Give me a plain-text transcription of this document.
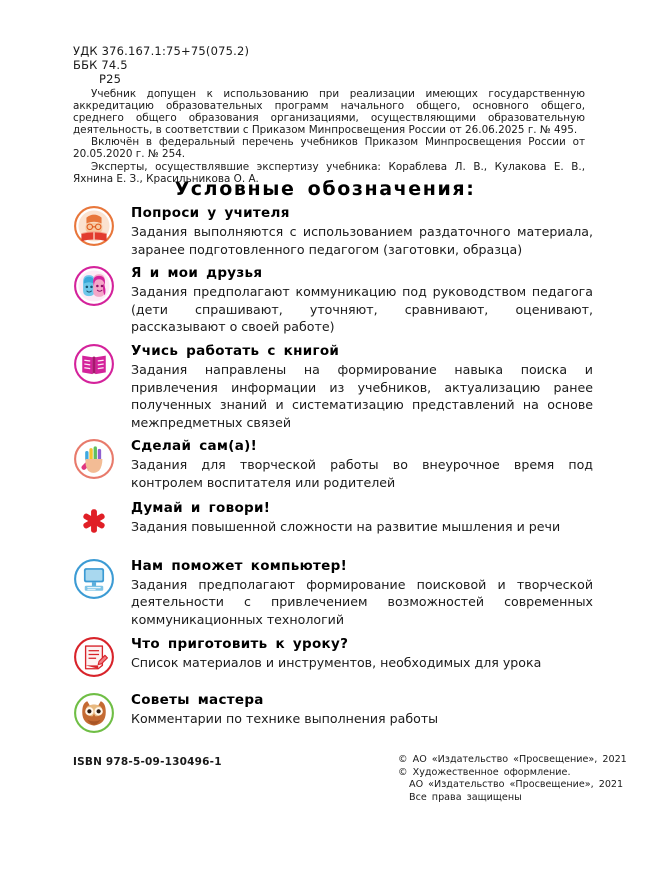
УДК 376.167.1:75+75(075.2)
ББК 74.5
Р25

Учебник допущен к использованию при реализации имеющих государственную аккредитацию образовательных программ начального общего, основного общего, среднего общего образования организациями, осуществляющими образовательную деятельность, в соответствии с Приказом Минпросвещения России от 26.06.2025 г. № 495.

Включён в федеральный перечень учебников Приказом Минпросвещения России от 20.05.2020 г. № 254.

Эксперты, осуществлявшие экспертизу учебника: Кораблева Л. В., Кулакова Е. В., Яхнина Е. З., Красильникова О. А.

Условные обозначения:
Попроси у учителя
Задания выполняются с использованием раздаточного материала, заранее подготовленного педагогом (заготовки, образца)
Я и мои друзья
Задания предполагают коммуникацию под руководством педагога (дети спрашивают, уточняют, сравнивают, оценивают, рассказывают о своей работе)
Учись работать с книгой
Задания направлены на формирование навыка поиска и привлечения информации из учебников, актуализацию ранее полученных знаний и систематизацию представлений на основе межпредметных связей
Сделай сам(а)!
Задания для творческой работы во внеурочное время под контролем воспитателя или родителей
Думай и говори!
Задания повышенной сложности на развитие мышления и речи
Нам поможет компьютер!
Задания предполагают формирование поисковой и творческой деятельности с привлечением возможностей современных коммуникационных технологий
Что приготовить к уроку?
Список материалов и инструментов, необходимых для урока
Советы мастера
Комментарии по технике выполнения работы
ISBN 978-5-09-130496-1	© АО «Издательство «Просвещение», 2021
© Художественное оформление.
АО «Издательство «Просвещение», 2021
Все права защищены
